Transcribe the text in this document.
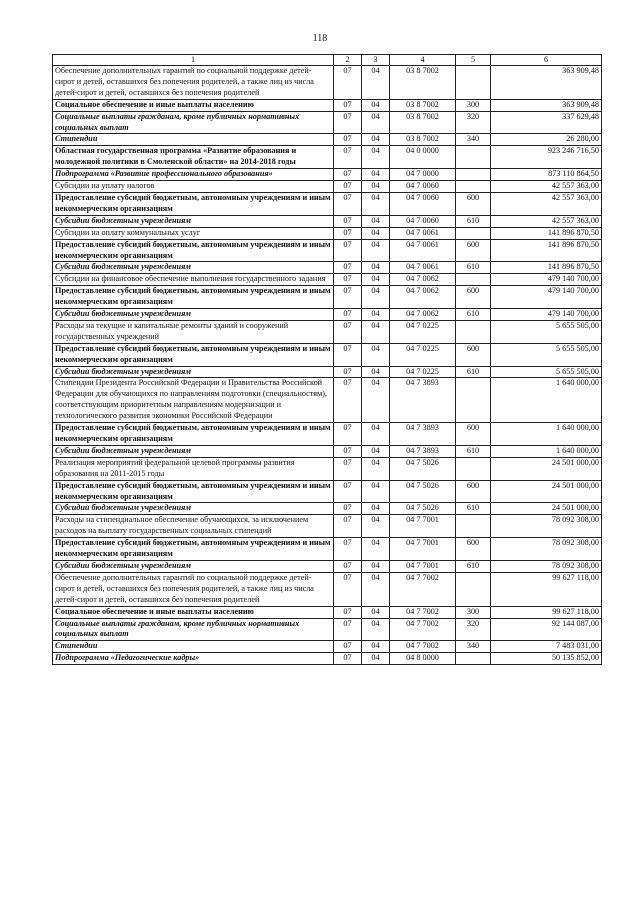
118
1	2	3	4	5	6
Обеспечение дополнительных гарантий по социальной поддержке детей-сирот и детей, оставшихся без попечения родителей, а также лиц из числа детей-сирот и детей, оставшихся без попечения родителей	07	04	03 8 7002		363 909,48
Социальное обеспечение и иные выплаты населению	07	04	03 8 7002	300	363 909,48
Социальные выплаты гражданам, кроме публичных нормативных социальных выплат	07	04	03 8 7002	320	337 629,48
Стипендии	07	04	03 8 7002	340	26 280,00
Областная государственная программа «Развитие образования и молодежной политики в Смоленской области» на 2014-2018 годы	07	04	04 0 0000		923 246 716,50
Подпрограмма «Развитие профессионального образования»	07	04	04 7 0000		873 110 864,50
Субсидии на уплату налогов	07	04	04 7 0060		42 557 363,00
Предоставление субсидий бюджетным, автономным учреждениям и иным некоммерческим организациям	07	04	04 7 0060	600	42 557 363,00
Субсидии бюджетным учреждениям	07	04	04 7 0060	610	42 557 363,00
Субсидии на оплату коммунальных услуг	07	04	04 7 0061		141 896 870,50
Предоставление субсидий бюджетным, автономным учреждениям и иным некоммерческим организациям	07	04	04 7 0061	600	141 896 870,50
Субсидии бюджетным учреждениям	07	04	04 7 0061	610	141 896 870,50
Субсидии на финансовое обеспечение выполнения государственного задания	07	04	04 7 0062		479 140 700,00
Предоставление субсидий бюджетным, автономным учреждениям и иным некоммерческим организациям	07	04	04 7 0062	600	479 140 700,00
Субсидии бюджетным учреждениям	07	04	04 7 0062	610	479 140 700,00
Расходы на текущие и капитальные ремонты зданий и сооружений государственных учреждений	07	04	04 7 0225		5 655 505,00
Предоставление субсидий бюджетным, автономным учреждениям и иным некоммерческим организациям	07	04	04 7 0225	600	5 655 505,00
Субсидии бюджетным учреждениям	07	04	04 7 0225	610	5 655 505,00
Стипендии Президента Российской Федерации и Правительства Российской Федерации для обучающихся по направлениям подготовки (специальностям), соответствующим приоритетным направлениям модернизации и технологического развития экономики Российской Федерации	07	04	04 7 3893		1 640 000,00
Предоставление субсидий бюджетным, автономным учреждениям и иным некоммерческим организациям	07	04	04 7 3893	600	1 640 000,00
Субсидии бюджетным учреждениям	07	04	04 7 3893	610	1 640 000,00
Реализация мероприятий федеральной целевой программы развития образования на 2011-2015 годы	07	04	04 7 5026		24 501 000,00
Предоставление субсидий бюджетным, автономным учреждениям и иным некоммерческим организациям	07	04	04 7 5026	600	24 501 000,00
Субсидии бюджетным учреждениям	07	04	04 7 5026	610	24 501 000,00
Расходы на стипендиальное обеспечение обучающихся, за исключением расходов на выплату государственных социальных стипендий	07	04	04 7 7001		78 092 308,00
Предоставление субсидий бюджетным, автономным учреждениям и иным некоммерческим организациям	07	04	04 7 7001	600	78 092 308,00
Субсидии бюджетным учреждениям	07	04	04 7 7001	610	78 092 308,00
Обеспечение дополнительных гарантий по социальной поддержке детей-сирот и детей, оставшихся без попечения родителей, а также лиц из числа детей-сирот и детей, оставшихся без попечения родителей	07	04	04 7 7002		99 627 118,00
Социальное обеспечение и иные выплаты населению	07	04	04 7 7002	300	99 627 118,00
Социальные выплаты гражданам, кроме публичных нормативных социальных выплат	07	04	04 7 7002	320	92 144 087,00
Стипендии	07	04	04 7 7002	340	7 483 031,00
Подпрограмма «Педагогические кадры»	07	04	04 8 0000		50 135 852,00
